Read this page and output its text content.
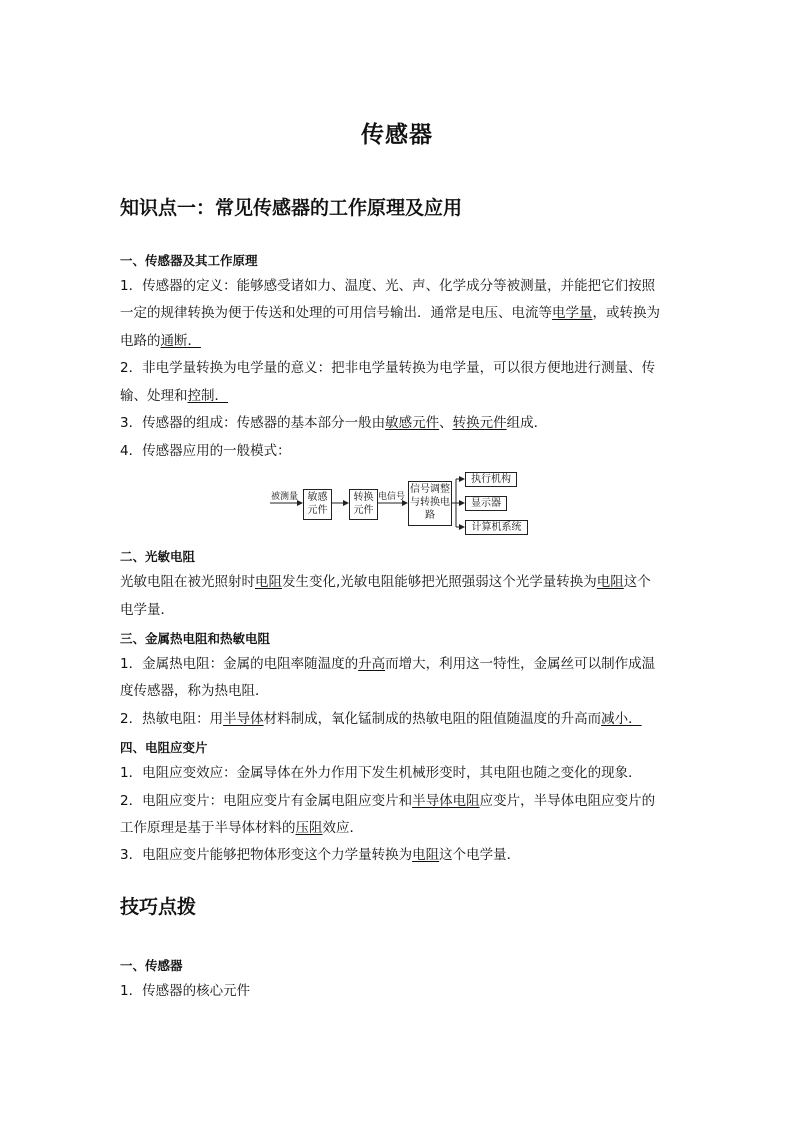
传感器
知识点一：常见传感器的工作原理及应用
一、传感器及其工作原理
1．传感器的定义：能够感受诸如力、温度、光、声、化学成分等被测量，并能把它们按照
一定的规律转换为便于传送和处理的可用信号输出．通常是电压、电流等电学量，或转换为
电路的通断．
2．非电学量转换为电学量的意义：把非电学量转换为电学量，可以很方便地进行测量、传
输、处理和控制．
3．传感器的组成：传感器的基本部分一般由敏感元件、转换元件组成．
4．传感器应用的一般模式：
被测量 敏感元件
转换元件
电信号
信号调整与转换电路
执行机构
显示器
计算机系统
二、光敏电阻
光敏电阻在被光照射时电阻发生变化,光敏电阻能够把光照强弱这个光学量转换为电阻这个
电学量．
三、金属热电阻和热敏电阻
1．金属热电阻：金属的电阻率随温度的升高而增大，利用这一特性，金属丝可以制作成温
度传感器，称为热电阻．
2．热敏电阻：用半导体材料制成，氧化锰制成的热敏电阻的阻值随温度的升高而减小．
四、电阻应变片
1．电阻应变效应：金属导体在外力作用下发生机械形变时，其电阻也随之变化的现象．
2．电阻应变片：电阻应变片有金属电阻应变片和半导体电阻应变片，半导体电阻应变片的
工作原理是基于半导体材料的压阻效应．
3．电阻应变片能够把物体形变这个力学量转换为电阻这个电学量．
技巧点拨
一、传感器
1．传感器的核心元件
